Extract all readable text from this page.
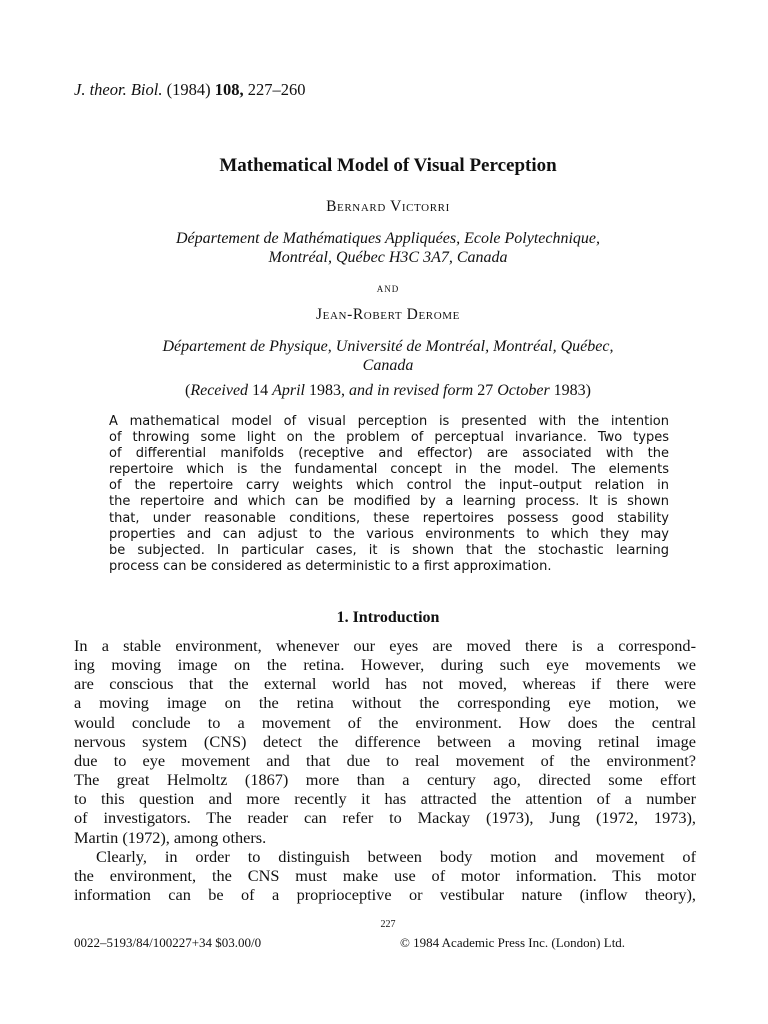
J. theor. Biol. (1984) 108, 227–260
Mathematical Model of Visual Perception
Bernard Victorri
Département de Mathématiques Appliquées, Ecole Polytechnique,
Montréal, Québec H3C 3A7, Canada
and
Jean-Robert Derome
Département de Physique, Université de Montréal, Montréal, Québec,
Canada
(Received 14 April 1983, and in revised form 27 October 1983)
A mathematical model of visual perception is presented with the intention
of throwing some light on the problem of perceptual invariance. Two types
of differential manifolds (receptive and effector) are associated with the
repertoire which is the fundamental concept in the model. The elements
of the repertoire carry weights which control the input–output relation in
the repertoire and which can be modified by a learning process. It is shown
that, under reasonable conditions, these repertoires possess good stability
properties and can adjust to the various environments to which they may
be subjected. In particular cases, it is shown that the stochastic learning
process can be considered as deterministic to a first approximation.
1. Introduction
In a stable environment, whenever our eyes are moved there is a correspond-
ing moving image on the retina. However, during such eye movements we
are conscious that the external world has not moved, whereas if there were
a moving image on the retina without the corresponding eye motion, we
would conclude to a movement of the environment. How does the central
nervous system (CNS) detect the difference between a moving retinal image
due to eye movement and that due to real movement of the environment?
The great Helmoltz (1867) more than a century ago, directed some effort
to this question and more recently it has attracted the attention of a number
of investigators. The reader can refer to Mackay (1973), Jung (1972, 1973),
Martin (1972), among others.
Clearly, in order to distinguish between body motion and movement of
the environment, the CNS must make use of motor information. This motor
information can be of a proprioceptive or vestibular nature (inflow theory),
227
0022–5193/84/100227+34 $03.00/0	© 1984 Academic Press Inc. (London) Ltd.
